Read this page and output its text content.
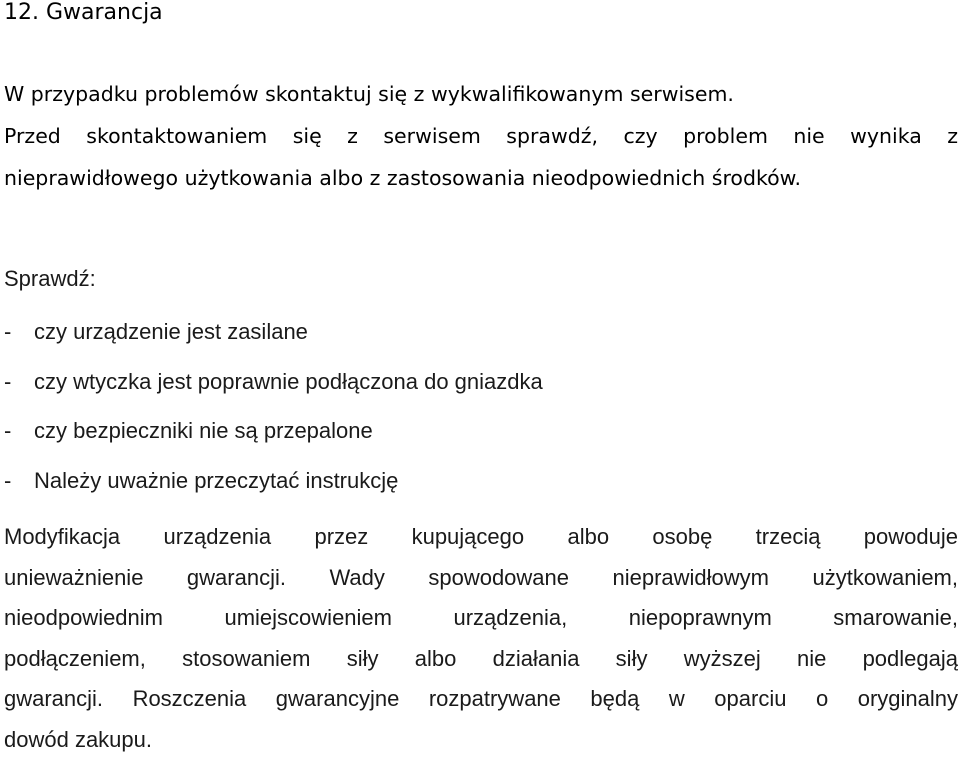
12. Gwarancja

W przypadku problemów skontaktuj się z wykwalifikowanym serwisem.
Przed skontaktowaniem się z serwisem sprawdź, czy problem nie wynika z
nieprawidłowego użytkowania albo z zastosowania nieodpowiednich środków.

Sprawdź:
- czy urządzenie jest zasilane
- czy wtyczka jest poprawnie podłączona do gniazdka
- czy bezpieczniki nie są przepalone
- Należy uważnie przeczytać instrukcję

Modyfikacja urządzenia przez kupującego albo osobę trzecią powoduje
unieważnienie gwarancji. Wady spowodowane nieprawidłowym użytkowaniem,
nieodpowiednim umiejscowieniem urządzenia, niepoprawnym smarowanie,
podłączeniem, stosowaniem siły albo działania siły wyższej nie podlegają
gwarancji. Roszczenia gwarancyjne rozpatrywane będą w oparciu o oryginalny
dowód zakupu.
